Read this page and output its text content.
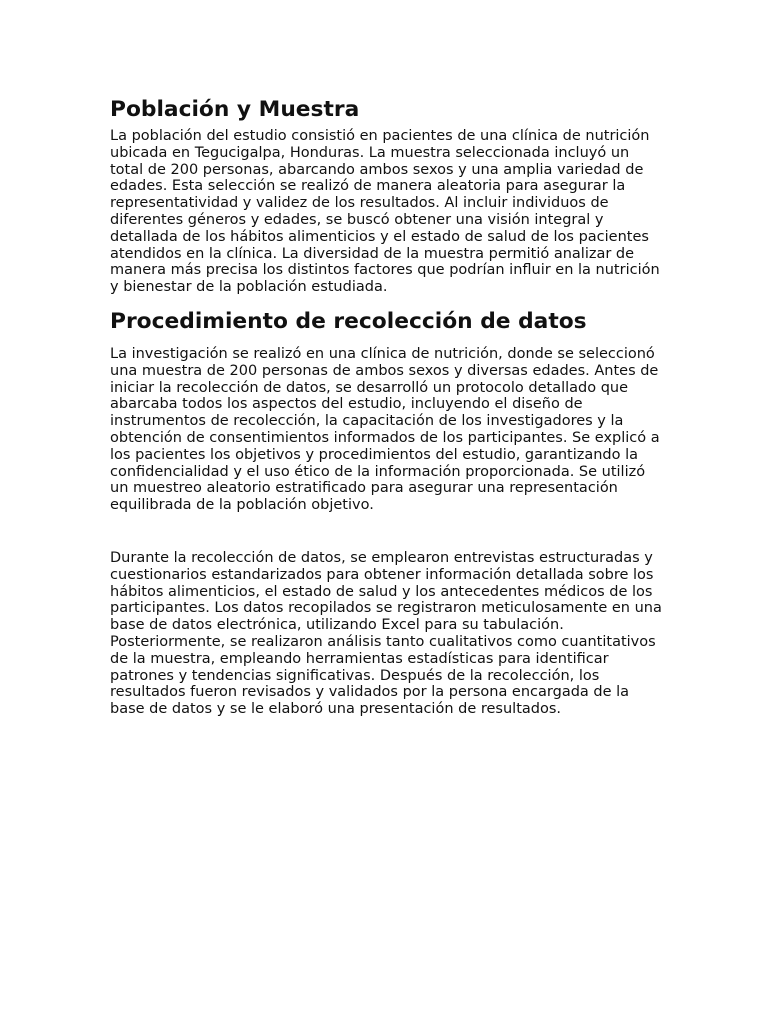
Población y Muestra

La población del estudio consistió en pacientes de una clínica de nutrición ubicada en Tegucigalpa, Honduras. La muestra seleccionada incluyó un total de 200 personas, abarcando ambos sexos y una amplia variedad de edades. Esta selección se realizó de manera aleatoria para asegurar la representatividad y validez de los resultados. Al incluir individuos de diferentes géneros y edades, se buscó obtener una visión integral y detallada de los hábitos alimenticios y el estado de salud de los pacientes atendidos en la clínica. La diversidad de la muestra permitió analizar de manera más precisa los distintos factores que podrían influir en la nutrición y bienestar de la población estudiada.

Procedimiento de recolección de datos

La investigación se realizó en una clínica de nutrición, donde se seleccionó una muestra de 200 personas de ambos sexos y diversas edades. Antes de iniciar la recolección de datos, se desarrolló un protocolo detallado que abarcaba todos los aspectos del estudio, incluyendo el diseño de instrumentos de recolección, la capacitación de los investigadores y la obtención de consentimientos informados de los participantes. Se explicó a los pacientes los objetivos y procedimientos del estudio, garantizando la confidencialidad y el uso ético de la información proporcionada. Se utilizó un muestreo aleatorio estratificado para asegurar una representación equilibrada de la población objetivo.

Durante la recolección de datos, se emplearon entrevistas estructuradas y cuestionarios estandarizados para obtener información detallada sobre los hábitos alimenticios, el estado de salud y los antecedentes médicos de los participantes. Los datos recopilados se registraron meticulosamente en una base de datos electrónica, utilizando Excel para su tabulación. Posteriormente, se realizaron análisis tanto cualitativos como cuantitativos de la muestra, empleando herramientas estadísticas para identificar patrones y tendencias significativas. Después de la recolección, los resultados fueron revisados y validados por la persona encargada de la base de datos y se le elaboró una presentación de resultados.
